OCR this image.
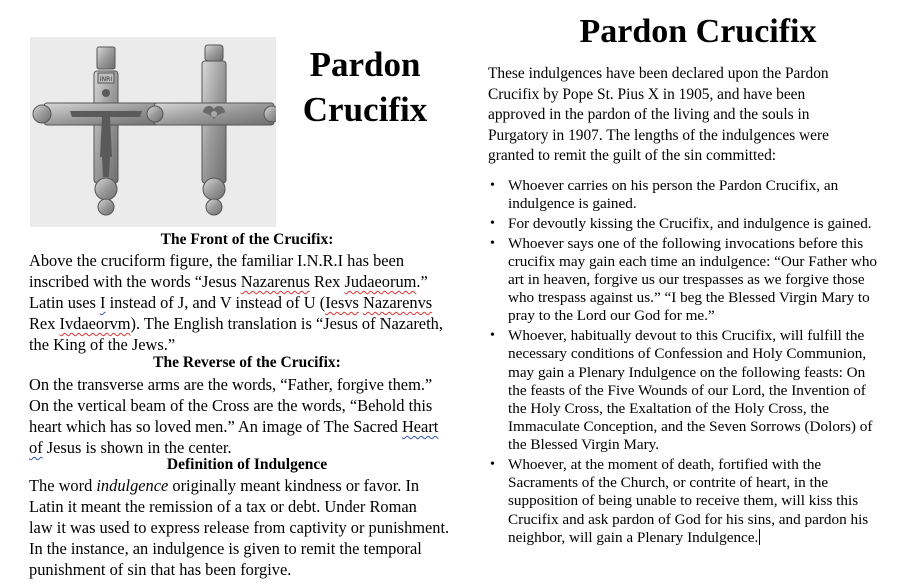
INRI	Pardon
Crucifix
The Front of the Crucifix:
Above the cruciform figure, the familiar I.N.R.I has been
inscribed with the words “Jesus Nazarenus Rex Judaeorum.”
Latin uses I instead of J, and V instead of U (Iesvs Nazarenvs
Rex Ivdaeorvm). The English translation is “Jesus of Nazareth,
the King of the Jews.”
The Reverse of the Crucifix:
On the transverse arms are the words, “Father, forgive them.”
On the vertical beam of the Cross are the words, “Behold this
heart which has so loved men.” An image of The Sacred Heart
of Jesus is shown in the center.
Definition of Indulgence
The word indulgence originally meant kindness or favor. In
Latin it meant the remission of a tax or debt. Under Roman
law it was used to express release from captivity or punishment.
In the instance, an indulgence is given to remit the temporal
punishment of sin that has been forgive.
Pardon Crucifix
These indulgences have been declared upon the Pardon
Crucifix by Pope St. Pius X in 1905, and have been
approved in the pardon of the living and the souls in
Purgatory in 1907. The lengths of the indulgences were
granted to remit the guilt of the sin committed:
• Whoever carries on his person the Pardon Crucifix, an
indulgence is gained.
• For devoutly kissing the Crucifix, and indulgence is gained.
• Whoever says one of the following invocations before this
crucifix may gain each time an indulgence: “Our Father who
art in heaven, forgive us our trespasses as we forgive those
who trespass against us.” “I beg the Blessed Virgin Mary to
pray to the Lord our God for me.”
• Whoever, habitually devout to this Crucifix, will fulfill the
necessary conditions of Confession and Holy Communion,
may gain a Plenary Indulgence on the following feasts: On
the feasts of the Five Wounds of our Lord, the Invention of
the Holy Cross, the Exaltation of the Holy Cross, the
Immaculate Conception, and the Seven Sorrows (Dolors) of
the Blessed Virgin Mary.
• Whoever, at the moment of death, fortified with the
Sacraments of the Church, or contrite of heart, in the
supposition of being unable to receive them, will kiss this
Crucifix and ask pardon of God for his sins, and pardon his
neighbor, will gain a Plenary Indulgence.
